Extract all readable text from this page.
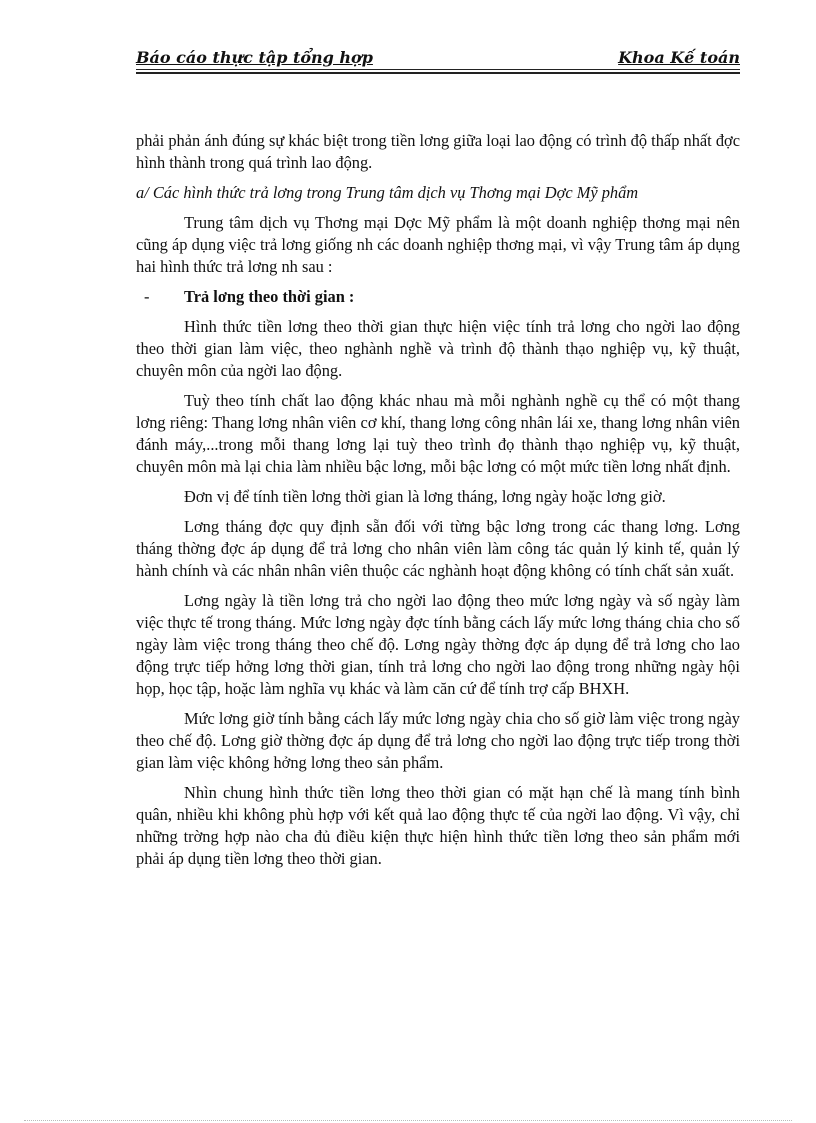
Báo cáo thực tập tổng hợp	Khoa Kế toán

phải phản ánh đúng sự khác biệt trong tiền lơng giữa loại lao động có trình độ thấp nhất đợc hình thành trong quá trình lao động.

a/ Các hình thức trả lơng trong Trung tâm dịch vụ Thơng mại Dợc Mỹ phẩm

Trung tâm dịch vụ Thơng mại Dợc Mỹ phẩm là một doanh nghiệp thơng mại nên cũng áp dụng việc trả lơng giống nh các doanh nghiệp thơng mại, vì vậy Trung tâm áp dụng hai hình thức trả lơng nh sau :

- Trả lơng theo thời gian :

Hình thức tiền lơng theo thời gian thực hiện việc tính trả lơng cho ngời lao động theo thời gian làm việc, theo nghành nghề và trình độ thành thạo nghiệp vụ, kỹ thuật, chuyên môn của ngời lao động.

Tuỳ theo tính chất lao động khác nhau mà mỗi nghành nghề cụ thể có một thang lơng riêng: Thang lơng nhân viên cơ khí, thang lơng công nhân lái xe, thang lơng nhân viên đánh máy,...trong mỗi thang lơng lại tuỳ theo trình đọ thành thạo nghiệp vụ, kỹ thuật, chuyên môn mà lại chia làm nhiều bậc lơng, mỗi bậc lơng có một mức tiền lơng nhất định.

Đơn vị để tính tiền lơng thời gian là lơng tháng, lơng ngày hoặc lơng giờ.

Lơng tháng đợc quy định sẵn đối với từng bậc lơng trong các thang lơng. Lơng tháng thờng đợc áp dụng để trả lơng cho nhân viên làm công tác quản lý kinh tế, quản lý hành chính và các nhân nhân viên thuộc các nghành hoạt động không có tính chất sản xuất.

Lơng ngày là tiền lơng trả cho ngời lao động theo mức lơng ngày và số ngày làm việc thực tế trong tháng. Mức lơng ngày đợc tính bằng cách lấy mức lơng tháng chia cho số ngày làm việc trong tháng theo chế độ. Lơng ngày thờng đợc áp dụng để trả lơng cho lao động trực tiếp hởng lơng thời gian, tính trả lơng cho ngời lao động trong những ngày hội họp, học tập, hoặc làm nghĩa vụ khác và làm căn cứ để tính trợ cấp BHXH.

Mức lơng giờ tính bằng cách lấy mức lơng ngày chia cho số giờ làm việc trong ngày theo chế độ. Lơng giờ thờng đợc áp dụng để trả lơng cho ngời lao động trực tiếp trong thời gian làm việc không hởng lơng theo sản phẩm.

Nhìn chung hình thức tiền lơng theo thời gian có mặt hạn chế là mang tính bình quân, nhiều khi không phù hợp với kết quả lao động thực tế của ngời lao động. Vì vậy, chỉ những trờng hợp nào cha đủ điều kiện thực hiện hình thức tiền lơng theo sản phẩm mới phải áp dụng tiền lơng theo thời gian.
